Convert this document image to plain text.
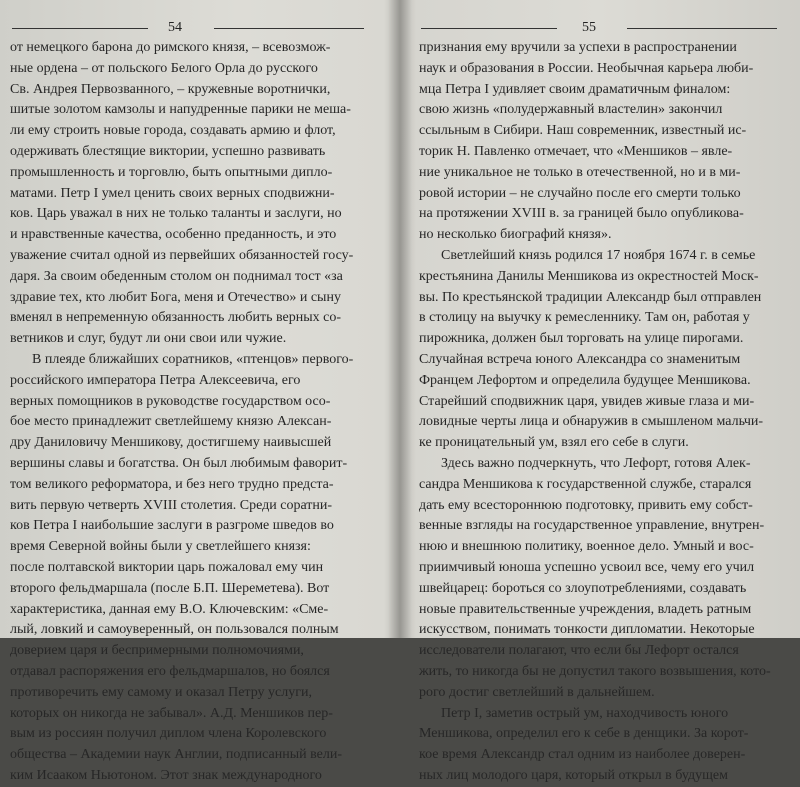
54
от немецкого барона до римского князя, – всевозмож-
ные ордена – от польского Белого Орла до русского
Св. Андрея Первозванного, – кружевные воротнички,
шитые золотом камзолы и напудренные парики не меша-
ли ему строить новые города, создавать армию и флот,
одерживать блестящие виктории, успешно развивать
промышленность и торговлю, быть опытными дипло-
матами. Петр I умел ценить своих верных сподвижни-
ков. Царь уважал в них не только таланты и заслуги, но
и нравственные качества, особенно преданность, и это
уважение считал одной из первейших обязанностей госу-
даря. За своим обеденным столом он поднимал тост «за
здравие тех, кто любит Бога, меня и Отечество» и сыну
вменял в непременную обязанность любить верных со-
ветников и слуг, будут ли они свои или чужие.
В плеяде ближайших соратников, «птенцов» первого-
российского императора Петра Алексеевича, его
верных помощников в руководстве государством осо-
бое место принадлежит светлейшему князю Алексан-
дру Даниловичу Меншикову, достигшему наивысшей
вершины славы и богатства. Он был любимым фаворит-
том великого реформатора, и без него трудно предста-
вить первую четверть XVIII столетия. Среди соратни-
ков Петра I наибольшие заслуги в разгроме шведов во
время Северной войны были у светлейшего князя:
после полтавской виктории царь пожаловал ему чин
второго фельдмаршала (после Б.П. Шереметева). Вот
характеристика, данная ему В.О. Ключевским: «Сме-
лый, ловкий и самоуверенный, он пользовался полным
доверием царя и беспримерными полномочиями,
отдавал распоряжения его фельдмаршалов, но боялся
противоречить ему самому и оказал Петру услуги,
которых он никогда не забывал». А.Д. Меншиков пер-
вым из россиян получил диплом члена Королевского
общества – Академии наук Англии, подписанный вели-
ким Исааком Ньютоном. Этот знак международного
55
признания ему вручили за успехи в распространении
наук и образования в России. Необычная карьера люби-
мца Петра I удивляет своим драматичным финалом:
свою жизнь «полудержавный властелин» закончил
ссыльным в Сибири. Наш современник, известный ис-
торик Н. Павленко отмечает, что «Меншиков – явле-
ние уникальное не только в отечественной, но и в ми-
ровой истории – не случайно после его смерти только
на протяжении XVIII в. за границей было опубликова-
но несколько биографий князя».
Светлейший князь родился 17 ноября 1674 г. в семье
крестьянина Данилы Меншикова из окрестностей Моск-
вы. По крестьянской традиции Александр был отправлен
в столицу на выучку к ремесленнику. Там он, работая у
пирожника, должен был торговать на улице пирогами.
Случайная встреча юного Александра со знаменитым
Францем Лефортом и определила будущее Меншикова.
Старейший сподвижник царя, увидев живые глаза и ми-
ловидные черты лица и обнаружив в смышленом мальчи-
ке проницательный ум, взял его себе в слуги.
Здесь важно подчеркнуть, что Лефорт, готовя Алек-
сандра Меншикова к государственной службе, старался
дать ему всестороннюю подготовку, привить ему собст-
венные взгляды на государственное управление, внутрен-
нюю и внешнюю политику, военное дело. Умный и вос-
приимчивый юноша успешно усвоил все, чему его учил
швейцарец: бороться со злоупотреблениями, создавать
новые правительственные учреждения, владеть ратным
искусством, понимать тонкости дипломатии. Некоторые
исследователи полагают, что если бы Лефорт остался
жить, то никогда бы не допустил такого возвышения, кото-
рого достиг светлейший в дальнейшем.
Петр I, заметив острый ум, находчивость юного
Меншикова, определил его к себе в денщики. За корот-
кое время Александр стал одним из наиболее доверен-
ных лиц молодого царя, который открыл в будущем
